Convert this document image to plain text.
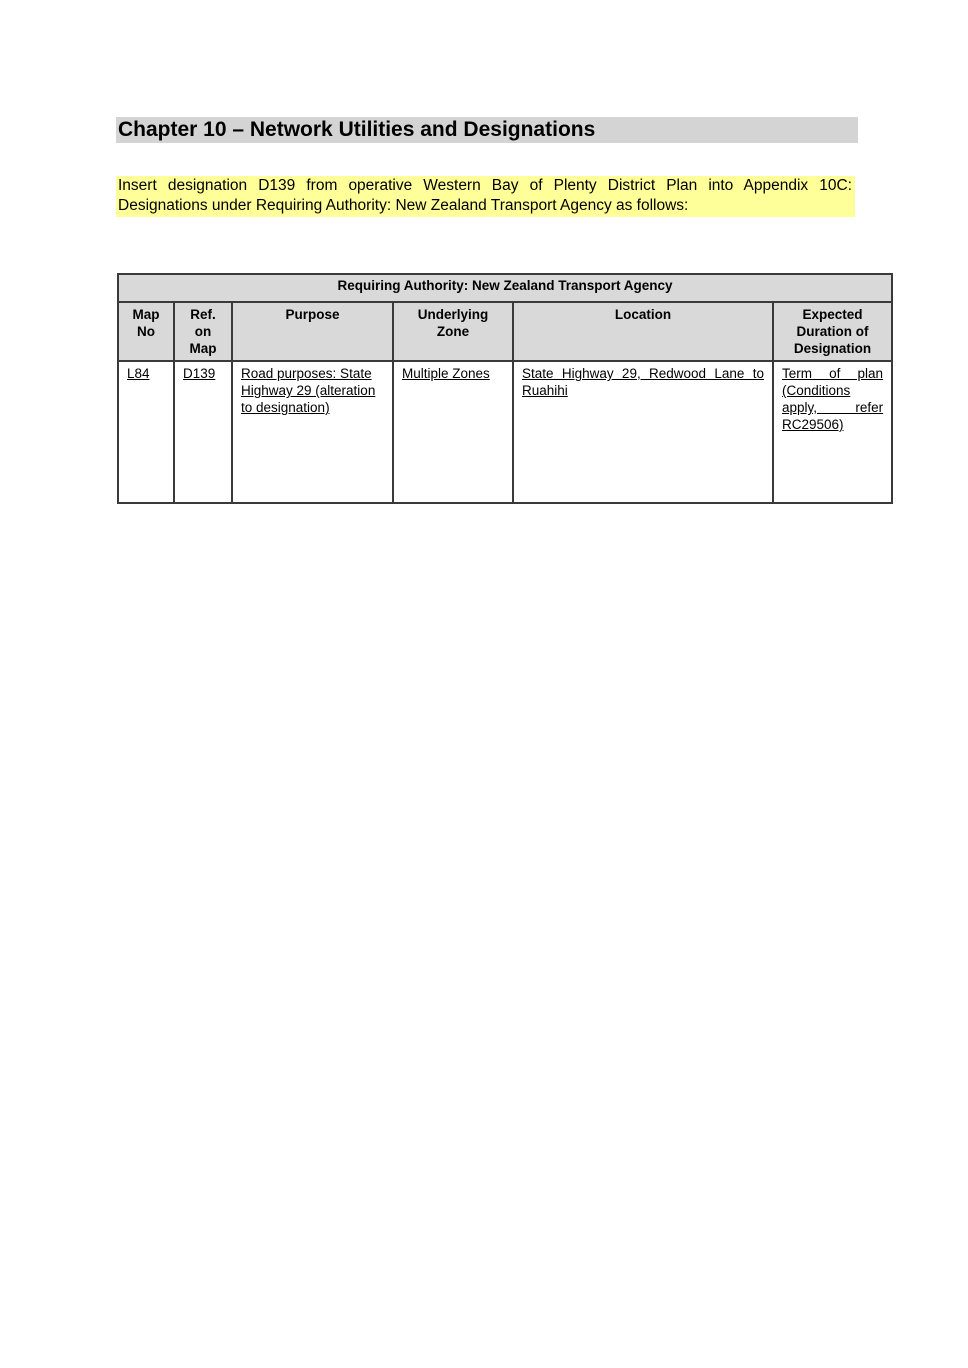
Chapter 10 – Network Utilities and Designations
Insert designation D139 from operative Western Bay of Plenty District Plan into Appendix 10C: Designations under Requiring Authority: New Zealand Transport Agency as follows:
Requiring Authority: New Zealand Transport Agency					
Map No	Ref. on Map	Purpose	Underlying Zone	Location	Expected Duration of Designation
L84	D139	Road purposes: State Highway 29 (alteration to designation)	Multiple Zones	State Highway 29, Redwood Lane to Ruahihi	Term of plan (Conditions apply, refer RC29506)
